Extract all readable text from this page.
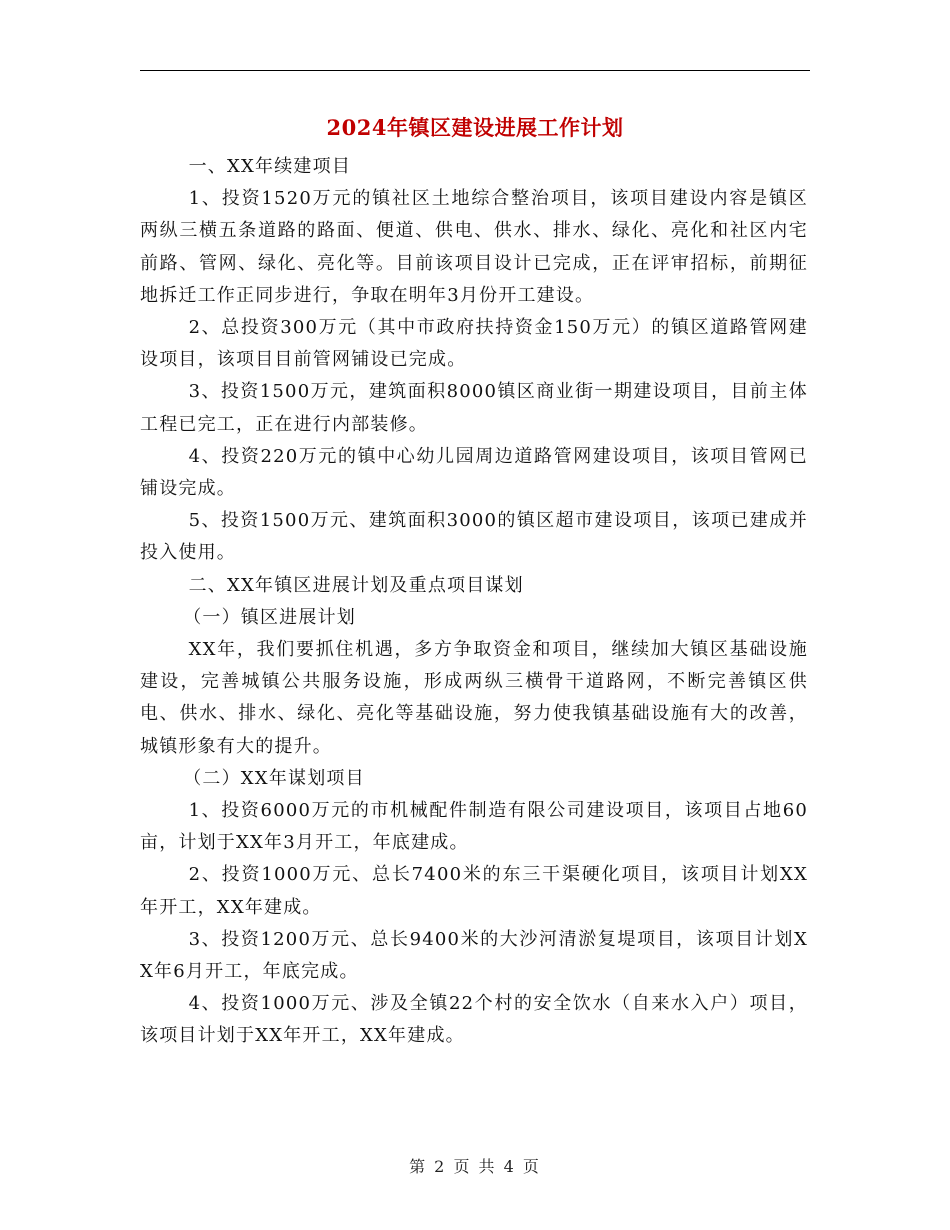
2024年镇区建设进展工作计划

一、XX年续建项目

1、投资1520万元的镇社区土地综合整治项目，该项目建设内容是镇区两纵三横五条道路的路面、便道、供电、供水、排水、绿化、亮化和社区内宅前路、管网、绿化、亮化等。目前该项目设计已完成，正在评审招标，前期征地拆迁工作正同步进行，争取在明年3月份开工建设。

2、总投资300万元（其中市政府扶持资金150万元）的镇区道路管网建设项目，该项目目前管网铺设已完成。

3、投资1500万元，建筑面积8000镇区商业街一期建设项目，目前主体工程已完工，正在进行内部装修。

4、投资220万元的镇中心幼儿园周边道路管网建设项目，该项目管网已铺设完成。

5、投资1500万元、建筑面积3000的镇区超市建设项目，该项已建成并投入使用。

二、XX年镇区进展计划及重点项目谋划

（一）镇区进展计划

XX年，我们要抓住机遇，多方争取资金和项目，继续加大镇区基础设施建设，完善城镇公共服务设施，形成两纵三横骨干道路网，不断完善镇区供电、供水、排水、绿化、亮化等基础设施，努力使我镇基础设施有大的改善，城镇形象有大的提升。

（二）XX年谋划项目

1、投资6000万元的市机械配件制造有限公司建设项目，该项目占地60亩，计划于XX年3月开工，年底建成。

2、投资1000万元、总长7400米的东三干渠硬化项目，该项目计划XX年开工，XX年建成。

3、投资1200万元、总长9400米的大沙河清淤复堤项目，该项目计划XX年6月开工，年底完成。

4、投资1000万元、涉及全镇22个村的安全饮水（自来水入户）项目，该项目计划于XX年开工，XX年建成。

第 2 页 共 4 页
